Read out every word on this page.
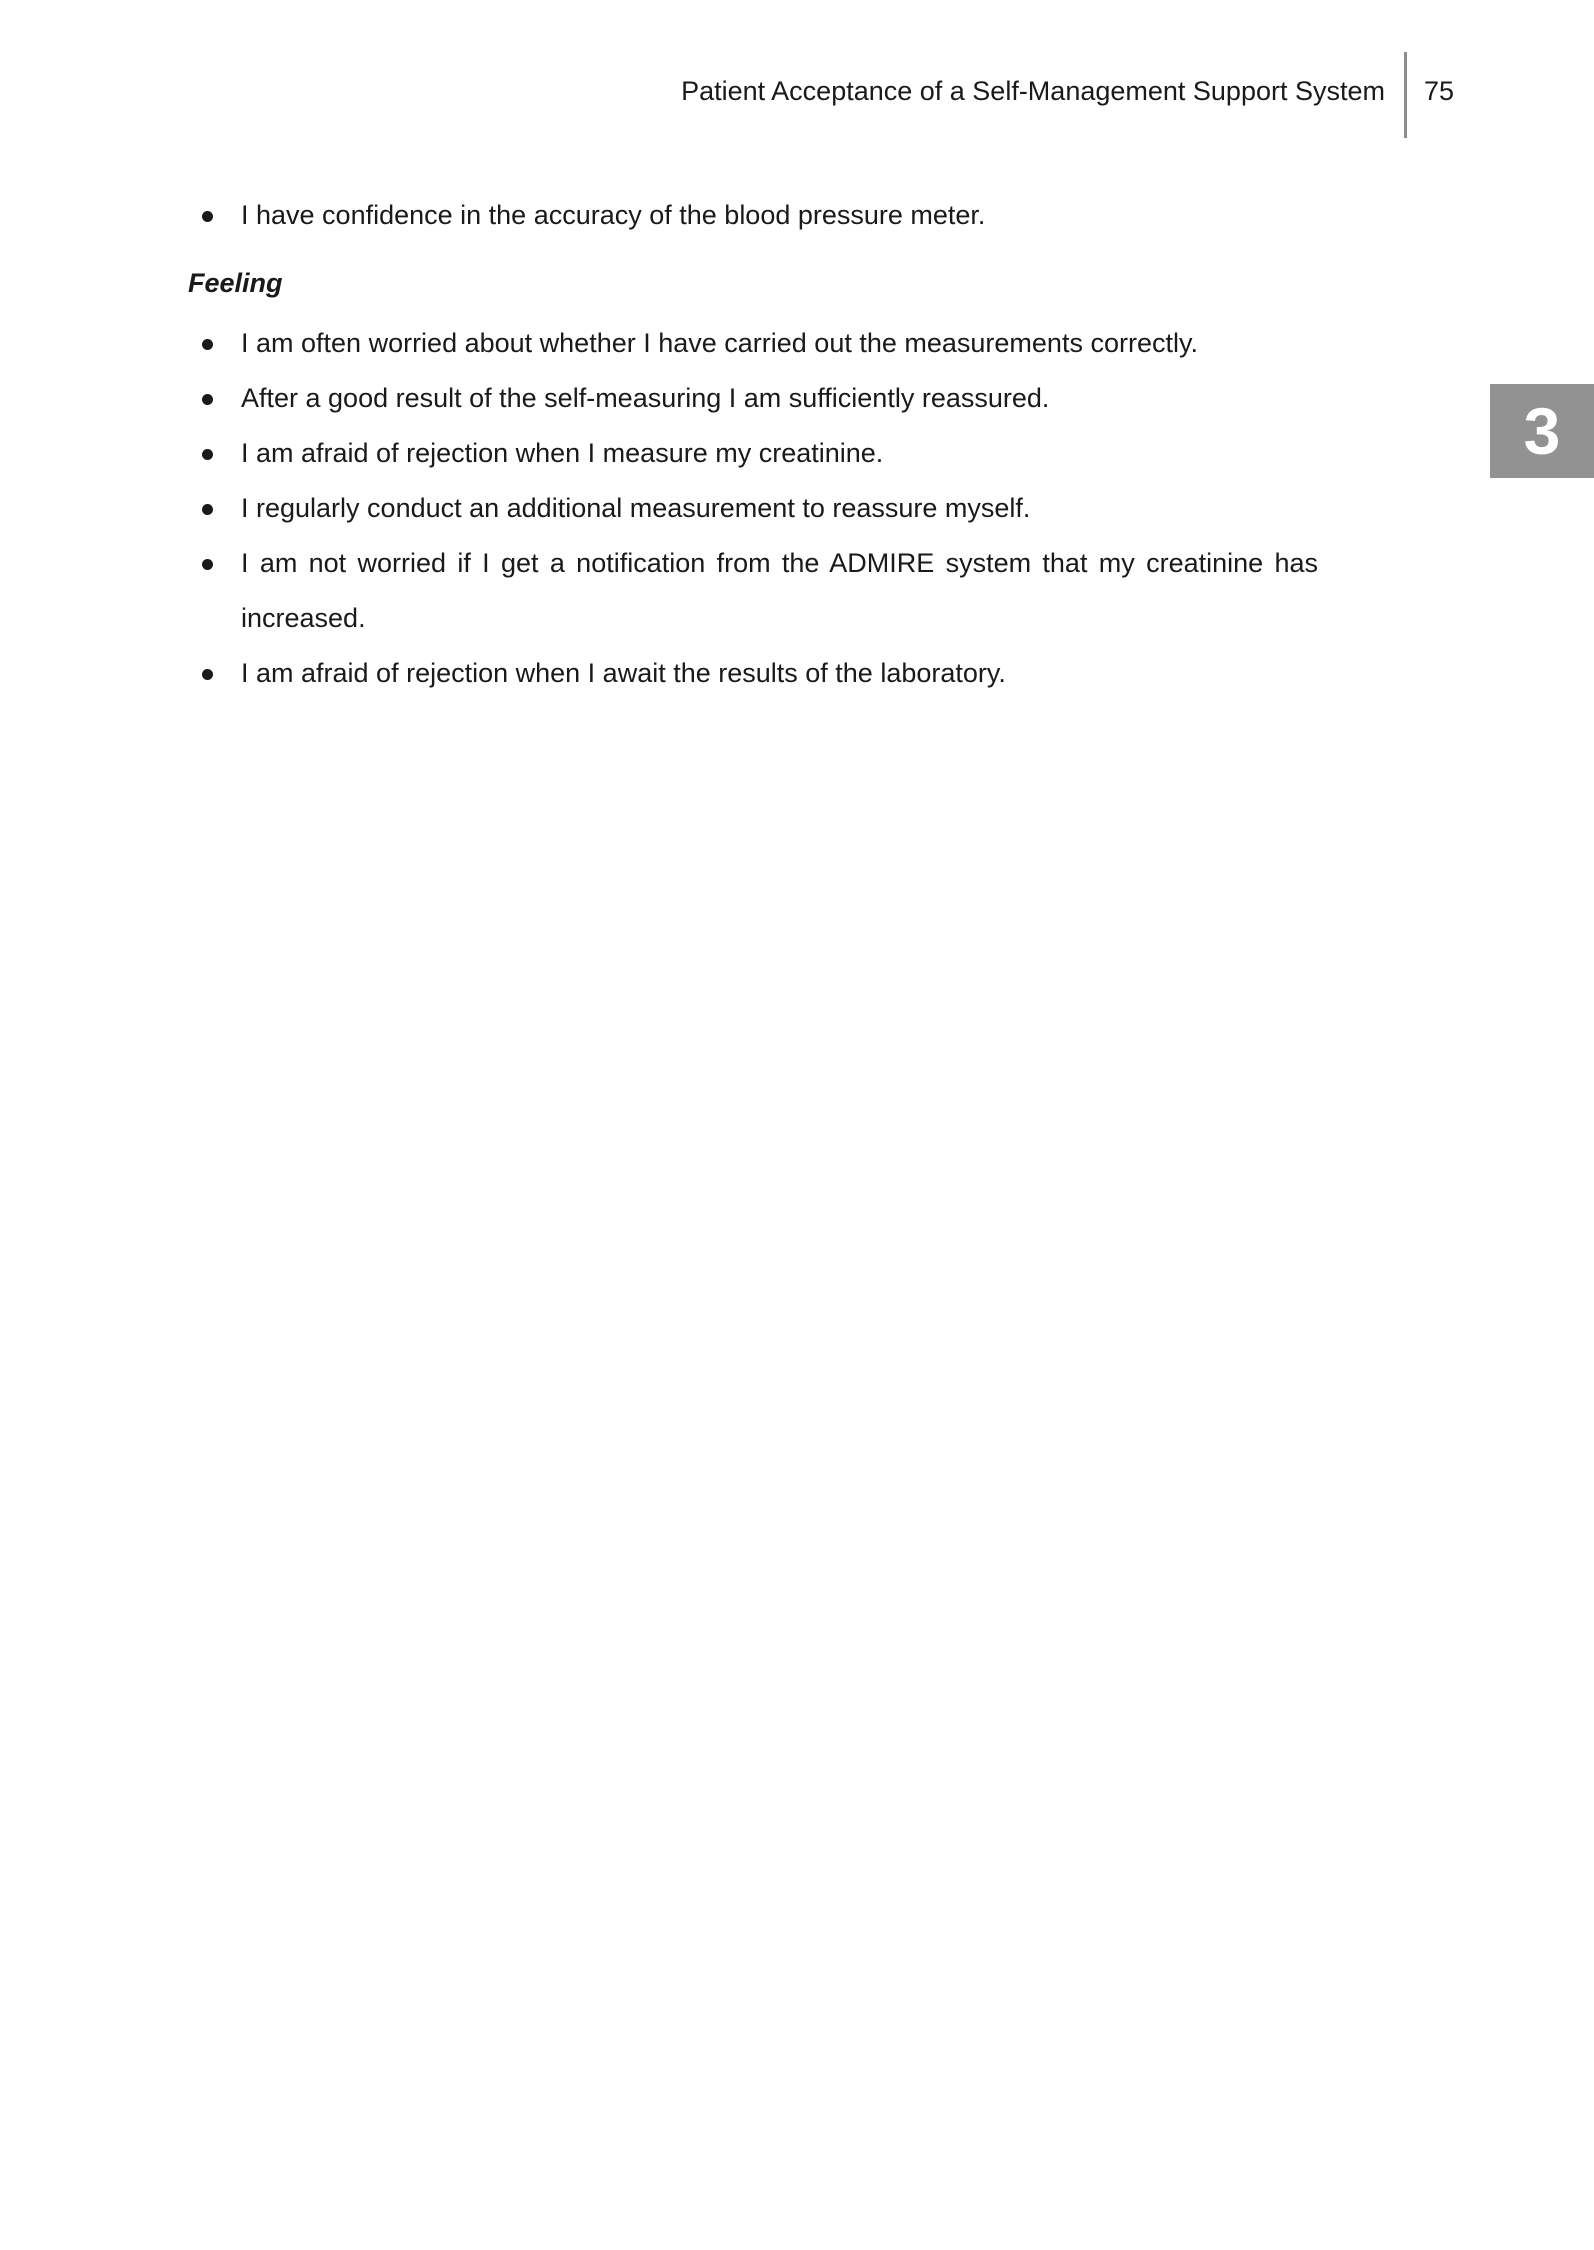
Patient Acceptance of a Self-Management Support System 75
3
I have confidence in the accuracy of the blood pressure meter.
Feeling
I am often worried about whether I have carried out the measurements correctly.
After a good result of the self-measuring I am sufficiently reassured.
I am afraid of rejection when I measure my creatinine.
I regularly conduct an additional measurement to reassure myself.
I am not worried if I get a notification from the ADMIRE system that my creatinine has increased.
I am afraid of rejection when I await the results of the laboratory.
